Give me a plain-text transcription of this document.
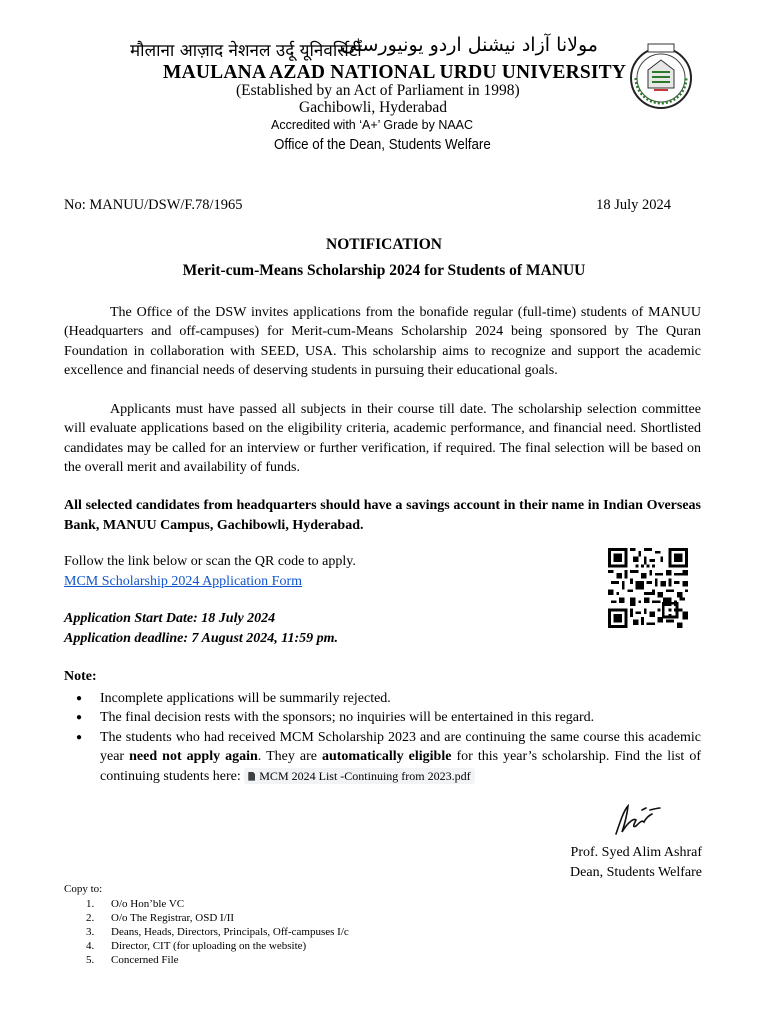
मौलाना आज़ाद नेशनल उर्दू यूनिवर्सिटी
مولانا آزاد نیشنل اردو یونیورسٹی
MAULANA AZAD NATIONAL URDU UNIVERSITY
(Established by an Act of Parliament in 1998)
Gachibowli, Hyderabad
Accredited with ‘A+’ Grade by NAAC
Office of the Dean, Students Welfare
No: MANUU/DSW/F.78/1965	18 July 2024
NOTIFICATION
Merit-cum-Means Scholarship 2024 for Students of MANUU
The Office of the DSW invites applications from the bonafide regular (full-time) students of MANUU (Headquarters and off-campuses) for Merit-cum-Means Scholarship 2024 being sponsored by The Quran Foundation in collaboration with SEED, USA. This scholarship aims to recognize and support the academic excellence and financial needs of deserving students in pursuing their educational goals.
Applicants must have passed all subjects in their course till date. The scholarship selection committee will evaluate applications based on the eligibility criteria, academic performance, and financial need. Shortlisted candidates may be called for an interview or further verification, if required. The final selection will be based on the overall merit and availability of funds.
All selected candidates from headquarters should have a savings account in their name in Indian Overseas Bank, MANUU Campus, Gachibowli, Hyderabad.
Follow the link below or scan the QR code to apply.
MCM Scholarship 2024 Application Form
Application Start Date: 18 July 2024
Application deadline: 7 August 2024, 11:59 pm.
Note:
● Incomplete applications will be summarily rejected.
● The final decision rests with the sponsors; no inquiries will be entertained in this regard.
● The students who had received MCM Scholarship 2023 and are continuing the same course this academic year need not apply again. They are automatically eligible for this year’s scholarship. Find the list of continuing students here: MCM 2024 List -Continuing from 2023.pdf
Prof. Syed Alim Ashraf
Dean, Students Welfare
Copy to:
1. O/o Hon’ble VC
2. O/o The Registrar, OSD I/II
3. Deans, Heads, Directors, Principals, Off-campuses I/c
4. Director, CIT (for uploading on the website)
5. Concerned File
